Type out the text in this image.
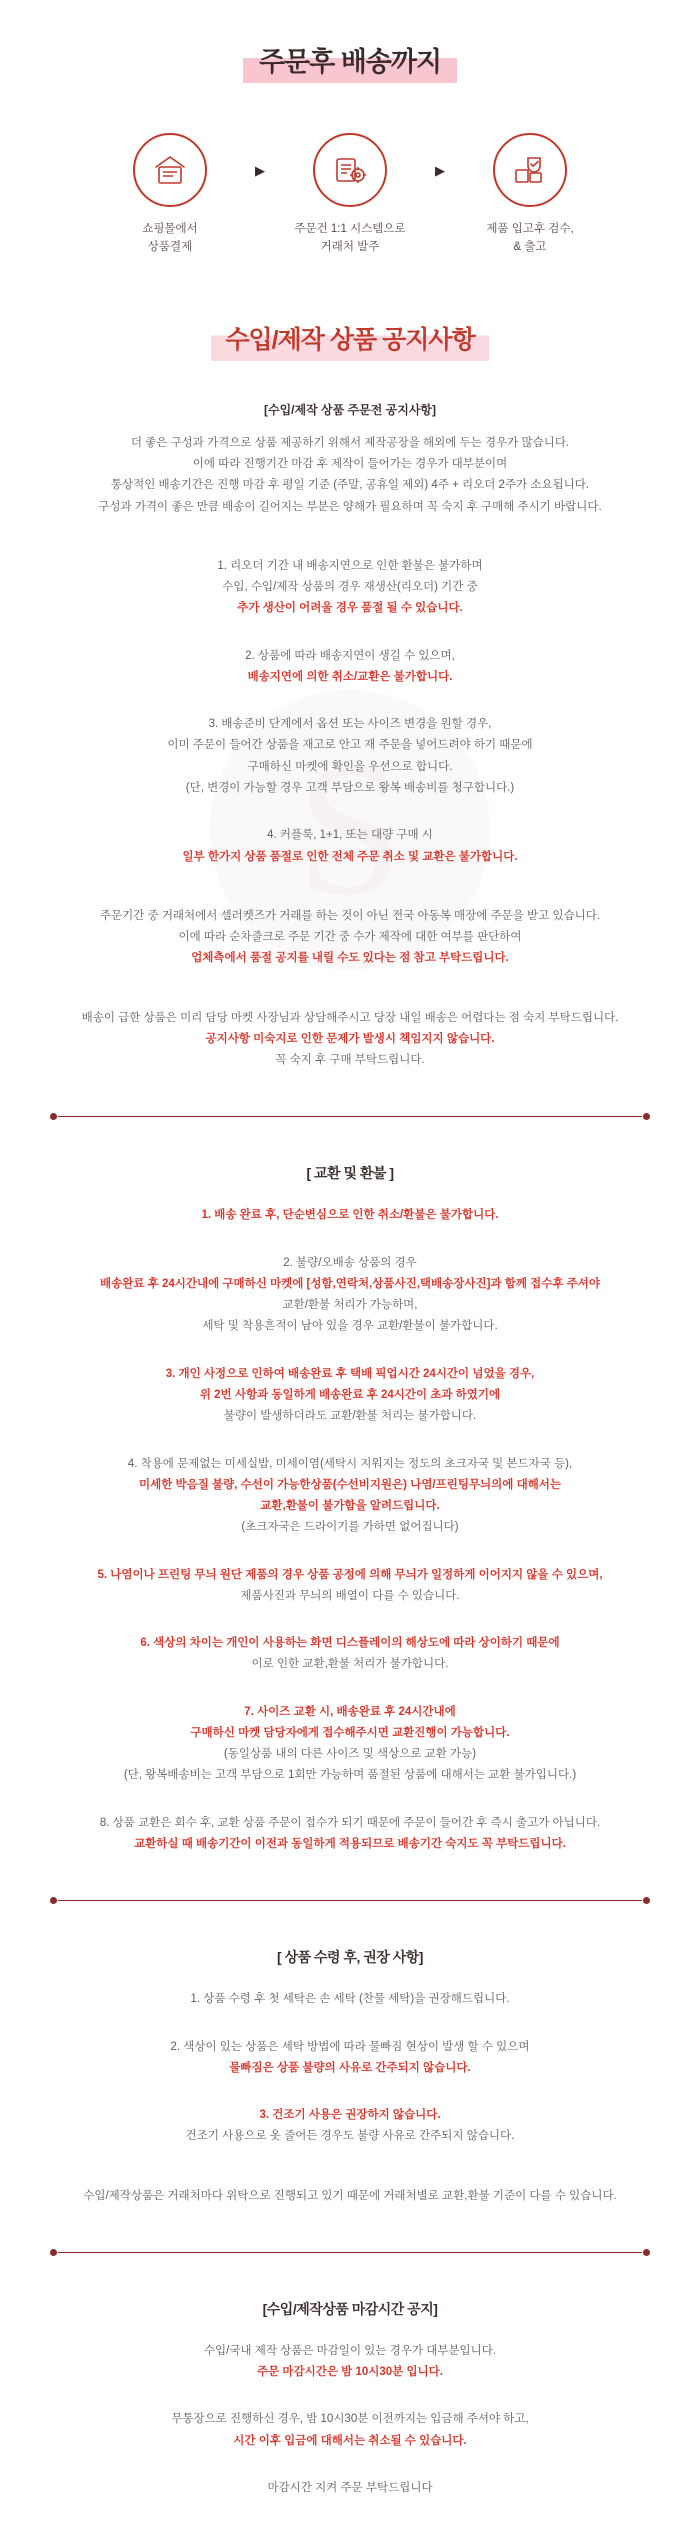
S
주문후 배송까지
쇼핑몰에서
상품결제
▶
주문건 1:1 시스템으로
거래처 발주
▶
제품 입고후 검수,
& 출고
수입/제작 상품 공지사항
[수입/제작 상품 주문전 공지사항]
더 좋은 구성과 가격으로 상품 제공하기 위해서 제작공장을 해외에 두는 경우가 많습니다.
이에 따라 진행기간 마감 후 제작이 들어가는 경우가 대부분이며
통상적인 배송기간은 진행 마감 후 평일 기준 (주말, 공휴일 제외) 4주 + 리오더 2주가 소요됩니다.
구성과 가격이 좋은 만큼 배송이 길어지는 부분은 양해가 필요하며 꼭 숙지 후 구매해 주시기 바랍니다.
1. 리오더 기간 내 배송지연으로 인한 환불은 불가하며
수입, 수입/제작 상품의 경우 재생산(리오더) 기간 중
추가 생산이 어려울 경우 품절 될 수 있습니다.
2. 상품에 따라 배송지연이 생길 수 있으며,
배송지연에 의한 취소/교환은 불가합니다.
3. 배송준비 단계에서 옵션 또는 사이즈 변경을 원할 경우,
이미 주문이 들어간 상품을 재고로 안고 재 주문을 넣어드려야 하기 때문에
구매하신 마켓에 확인을 우선으로 합니다.
(단, 변경이 가능할 경우 고객 부담으로 왕복 배송비를 청구합니다.)
4. 커플룩, 1+1, 또는 대량 구매 시
일부 한가지 상품 품절로 인한 전체 주문 취소 및 교환은 불가합니다.
주문기간 중 거래처에서 셀러켓즈가 거래를 하는 것이 아닌 전국 아동복 매장에 주문을 받고 있습니다.
이에 따라 순차줄크로 주문 기간 중 수가 제작에 대한 여부를 판단하여
업체측에서 품절 공지를 내릴 수도 있다는 점 참고 부탁드립니다.
배송이 급한 상품은 미리 담당 마켓 사장님과 상담해주시고 당장 내일 배송은 어렵다는 점 숙지 부탁드립니다.
공지사항 미숙지로 인한 문제가 발생시 책임지지 않습니다.
꼭 숙지 후 구매 부탁드립니다.
[ 교환 및 환불 ]
1. 배송 완료 후, 단순변심으로 인한 취소/환불은 불가합니다.
2. 불량/오배송 상품의 경우
배송완료 후 24시간내에 구매하신 마켓에 [성함,연락처,상품사진,택배송장사진]과 함께 접수후 주셔야
교환/환불 처리가 가능하며,
세탁 및 착용흔적이 남아 있을 경우 교환/환불이 불가합니다.
3. 개인 사정으로 인하여 배송완료 후 택배 픽업시간 24시간이 넘었을 경우,
위 2번 사항과 동일하게 배송완료 후 24시간이 초과 하였기에
불량이 발생하더라도 교환/환불 처리는 불가합니다.
4. 착용에 문제없는 미세실밥, 미세이염(세탁시 지워지는 정도의 초크자국 및 본드자국 등),
미세한 박음질 불량, 수선이 가능한상품(수선비지원은) 나염/프린팅무늬의에 대해서는
교환,환불이 불가함을 알려드립니다.
(초크자국은 드라이기를 가하면 없어집니다)
5. 나염이나 프린팅 무늬 원단 제품의 경우 상품 공정에 의해 무늬가 일정하게 이어지지 않을 수 있으며,
제품사진과 무늬의 배열이 다를 수 있습니다.
6. 색상의 차이는 개인이 사용하는 화면 디스플레이의 해상도에 따라 상이하기 때문에
이로 인한 교환,환불 처리가 불가합니다.
7. 사이즈 교환 시, 배송완료 후 24시간내에
구매하신 마켓 담당자에게 접수해주시면 교환진행이 가능합니다.
(동일상품 내의 다른 사이즈 및 색상으로 교환 가능)
(단, 왕복배송비는 고객 부담으로 1회만 가능하며 품절된 상품에 대해서는 교환 불가입니다.)
8. 상품 교환은 회수 후, 교환 상품 주문이 접수가 되기 때문에 주문이 들어간 후 즉시 출고가 아닙니다.
교환하실 때 배송기간이 이전과 동일하게 적용되므로 배송기간 숙지도 꼭 부탁드립니다.
[ 상품 수령 후, 권장 사항]
1. 상품 수령 후 첫 세탁은 손 세탁 (찬물 세탁)을 권장해드립니다.
2. 색상이 있는 상품은 세탁 방법에 따라 물빠짐 현상이 발생 할 수 있으며
물빠짐은 상품 불량의 사유로 간주되지 않습니다.
3. 건조기 사용은 권장하지 않습니다.
건조기 사용으로 옷 줄어든 경우도 불량 사유로 간주되지 않습니다.
수입/제작상품은 거래처마다 위탁으로 진행되고 있기 때문에 거래처별로 교환,환불 기준이 다를 수 있습니다.
[수입/제작상품 마감시간 공지]
수입/국내 제작 상품은 마감일이 있는 경우가 대부분입니다.
주문 마감시간은 밤 10시30분 입니다.
무통장으로 진행하신 경우, 밤 10시30분 이전까지는 입금해 주셔야 하고,
시간 이후 입금에 대해서는 취소될 수 있습니다.
마감시간 지켜 주문 부탁드립니다
